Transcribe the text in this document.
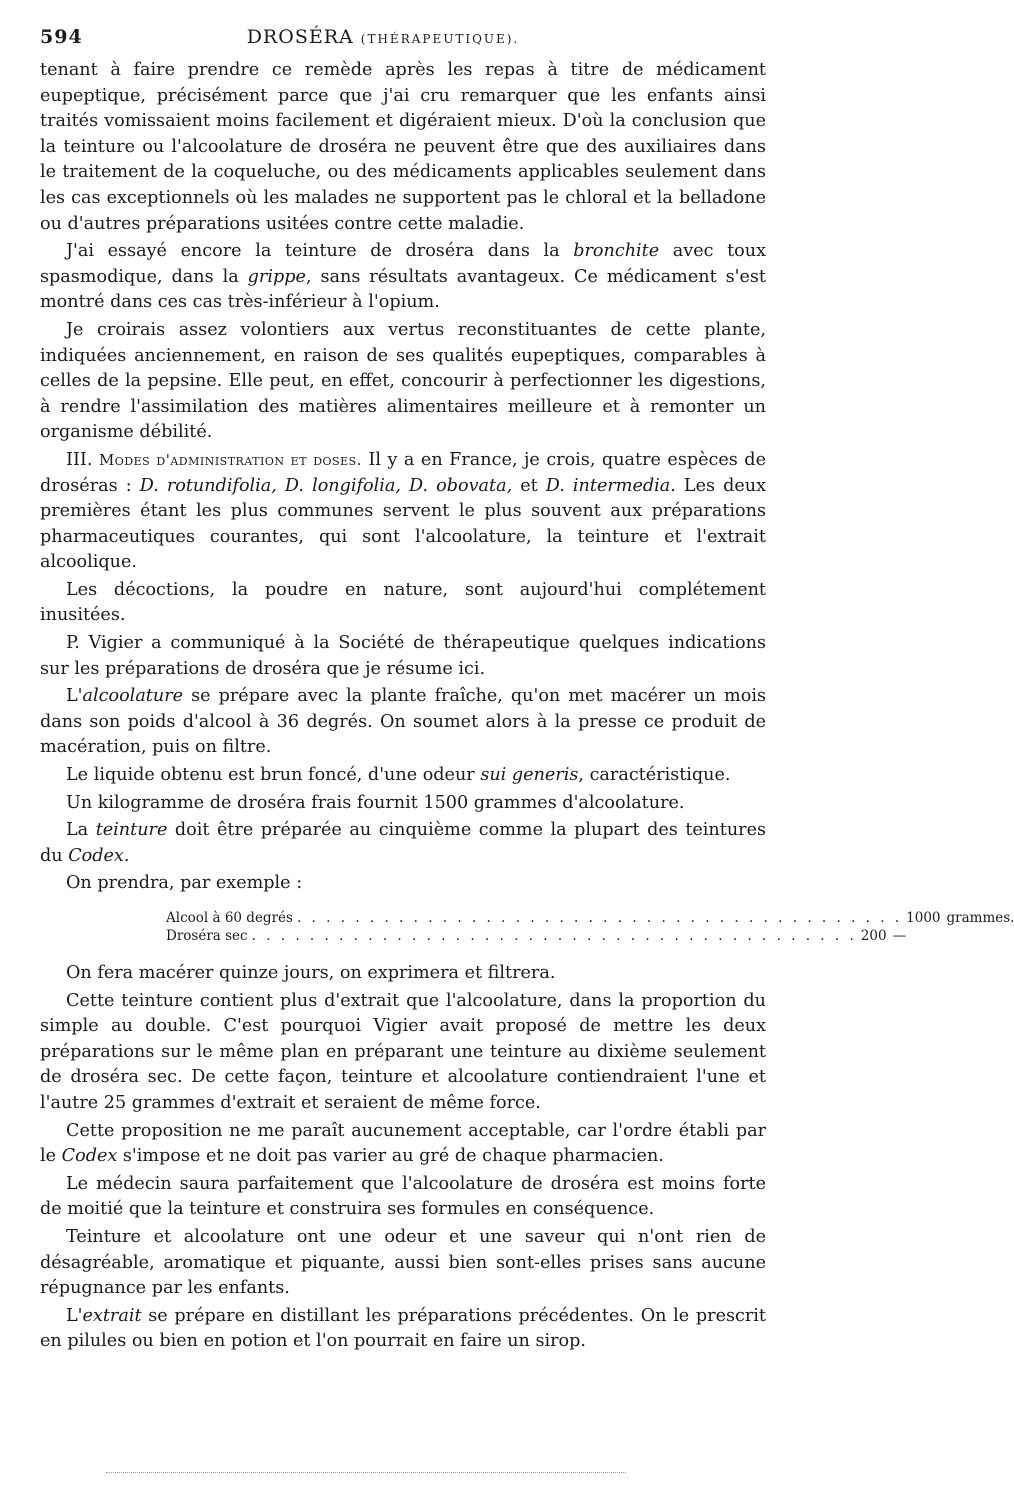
594	DROSÉRA (THÉRAPEUTIQUE).

tenant à faire prendre ce remède après les repas à titre de médicament eupeptique, précisément parce que j'ai cru remarquer que les enfants ainsi traités vomissaient moins facilement et digéraient mieux. D'où la conclusion que la teinture ou l'alcoolature de droséra ne peuvent être que des auxiliaires dans le traitement de la coqueluche, ou des médicaments applicables seulement dans les cas exceptionnels où les malades ne supportent pas le chloral et la belladone ou d'autres préparations usitées contre cette maladie.

J'ai essayé encore la teinture de droséra dans la bronchite avec toux spasmodique, dans la grippe, sans résultats avantageux. Ce médicament s'est montré dans ces cas très-inférieur à l'opium.

Je croirais assez volontiers aux vertus reconstituantes de cette plante, indiquées anciennement, en raison de ses qualités eupeptiques, comparables à celles de la pepsine. Elle peut, en effet, concourir à perfectionner les digestions, à rendre l'assimilation des matières alimentaires meilleure et à remonter un organisme débilité.

III. Modes d'administration et doses. Il y a en France, je crois, quatre espèces de droséras : D. rotundifolia, D. longifolia, D. obovata, et D. intermedia. Les deux premières étant les plus communes servent le plus souvent aux préparations pharmaceutiques courantes, qui sont l'alcoolature, la teinture et l'extrait alcoolique.

Les décoctions, la poudre en nature, sont aujourd'hui complétement inusitées.

P. Vigier a communiqué à la Société de thérapeutique quelques indications sur les préparations de droséra que je résume ici.

L'alcoolature se prépare avec la plante fraîche, qu'on met macérer un mois dans son poids d'alcool à 36 degrés. On soumet alors à la presse ce produit de macération, puis on filtre.

Le liquide obtenu est brun foncé, d'une odeur sui generis, caractéristique.

Un kilogramme de droséra frais fournit 1500 grammes d'alcoolature.

La teinture doit être préparée au cinquième comme la plupart des teintures du Codex.

On prendra, par exemple :

Alcool à 60 degrés . . . . . . . . . . . . . . . . . . . . . . . . . . . . . . . . . . . . . . . . . . 1000 grammes.
Droséra sec . . . . . . . . . . . . . . . . . . . . . . . . . . . . . . . . . . . . . . . . . . 200 —

On fera macérer quinze jours, on exprimera et filtrera.

Cette teinture contient plus d'extrait que l'alcoolature, dans la proportion du simple au double. C'est pourquoi Vigier avait proposé de mettre les deux préparations sur le même plan en préparant une teinture au dixième seulement de droséra sec. De cette façon, teinture et alcoolature contiendraient l'une et l'autre 25 grammes d'extrait et seraient de même force.

Cette proposition ne me paraît aucunement acceptable, car l'ordre établi par le Codex s'impose et ne doit pas varier au gré de chaque pharmacien.

Le médecin saura parfaitement que l'alcoolature de droséra est moins forte de moitié que la teinture et construira ses formules en conséquence.

Teinture et alcoolature ont une odeur et une saveur qui n'ont rien de désagréable, aromatique et piquante, aussi bien sont-elles prises sans aucune répugnance par les enfants.

L'extrait se prépare en distillant les préparations précédentes. On le prescrit en pilules ou bien en potion et l'on pourrait en faire un sirop.
